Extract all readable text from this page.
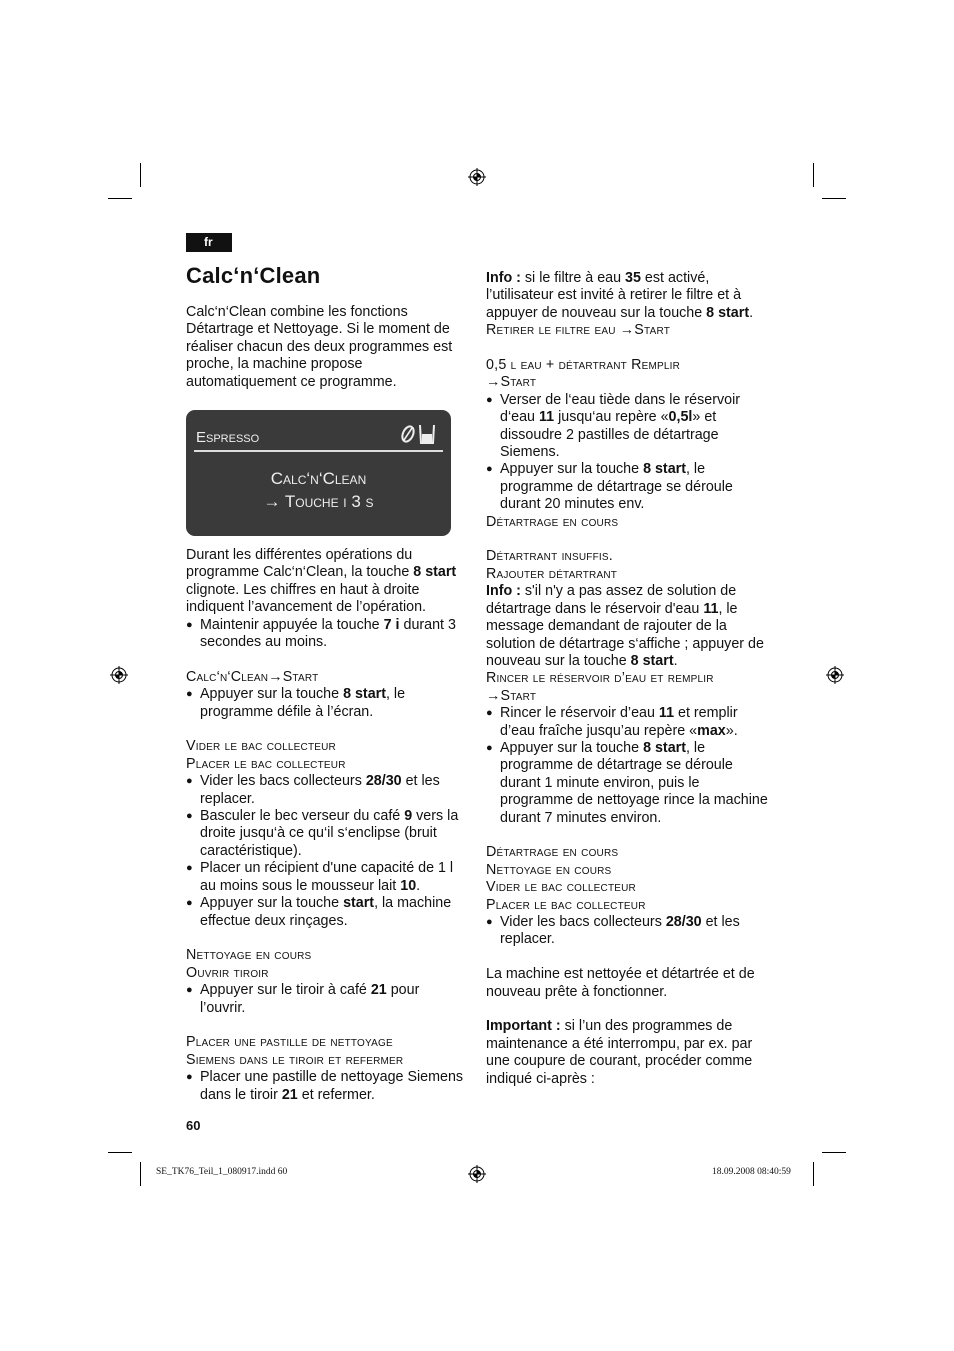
fr
Calc‘n‘Clean

Calc‘n‘Clean combine les fonctions Détartrage et Nettoyage. Si le moment de réaliser chacun des deux programmes est proche, la machine propose automatiquement ce programme.

Espresso
Calc‘n‘Clean
→ Touche i 3 s

Durant les différentes opérations du programme Calc‘n‘Clean, la touche 8 start clignote. Les chiffres en haut à droite indiquent l’avancement de l’opération.

● Maintenir appuyée la touche 7 i durant 3 secondes au moins.

Calc‘n‘Clean→Start

● Appuyer sur la touche 8 start, le programme défile à l’écran.

Vider le bac collecteur

Placer le bac collecteur

● Vider les bacs collecteurs 28/30 et les replacer.
● Basculer le bec verseur du café 9 vers la droite jusqu‘à ce qu‘il s‘enclipse (bruit caractéristique).
● Placer un récipient d'une capacité de 1 l au moins sous le mousseur lait 10.
● Appuyer sur la touche start, la machine effectue deux rinçages.

Nettoyage en cours

Ouvrir tiroir

● Appuyer sur le tiroir à café 21 pour l’ouvrir.

Placer une pastille de nettoyage

Siemens dans le tiroir et refermer

● Placer une pastille de nettoyage Siemens dans le tiroir 21 et refermer.

Info : si le filtre à eau 35 est activé, l’utilisateur est invité à retirer le filtre et à appuyer de nouveau sur la touche 8 start.

Retirer le filtre eau →Start

0,5 l eau + détartrant Remplir

→Start

● Verser de l‘eau tiède dans le réservoir d‘eau 11 jusqu‘au repère «0,5l» et dissoudre 2 pastilles de détartrage Siemens.
● Appuyer sur la touche 8 start, le programme de détartrage se déroule durant 20 minutes env.

Détartrage en cours

Détartrant insuffis.

Rajouter détartrant

Info : s'il n'y a pas assez de solution de détartrage dans le réservoir d'eau 11, le message demandant de rajouter de la solution de détartrage s‘affiche ; appuyer de nouveau sur la touche 8 start.

Rincer le réservoir d’eau et remplir

→Start

● Rincer le réservoir d’eau 11 et remplir d’eau fraîche jusqu’au repère «max».
● Appuyer sur la touche 8 start, le programme de détartrage se déroule durant 1 minute environ, puis le programme de nettoyage rince la machine durant 7 minutes environ.

Détartrage en cours

Nettoyage en cours

Vider le bac collecteur

Placer le bac collecteur

● Vider les bacs collecteurs 28/30 et les replacer.

La machine est nettoyée et détartrée et de nouveau prête à fonctionner.

Important : si l’un des programmes de maintenance a été interrompu, par ex. par une coupure de courant, procéder comme indiqué ci-après :

60
SE_TK76_Teil_1_080917.indd 60	18.09.2008 08:40:59
